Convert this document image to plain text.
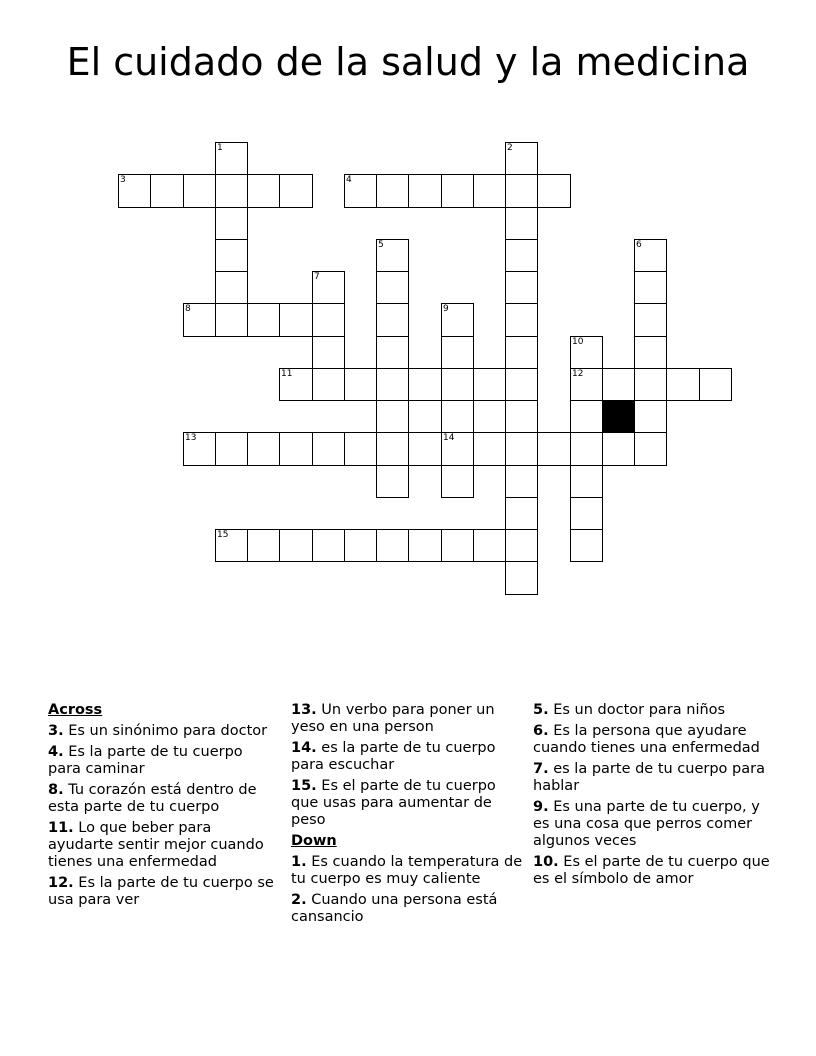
El cuidado de la salud y la medicina
3	4
8
11	12
13	14
15
1	2
5	6
7
9
10
Across
3. Es un sinónimo para doctor
4. Es la parte de tu cuerpo para caminar
8. Tu corazón está dentro de esta parte de tu cuerpo
11. Lo que beber para ayudarte sentir mejor cuando tienes una enfermedad
12. Es la parte de tu cuerpo se usa para ver
13. Un verbo para poner un yeso en una person
14. es la parte de tu cuerpo para escuchar
15. Es el parte de tu cuerpo que usas para aumentar de peso
Down
1. Es cuando la temperatura de tu cuerpo es muy caliente
2. Cuando una persona está cansancio
5. Es un doctor para niños
6. Es la persona que ayudare cuando tienes una enfermedad
7. es la parte de tu cuerpo para hablar
9. Es una parte de tu cuerpo, y es una cosa que perros comer algunos veces
10. Es el parte de tu cuerpo que es el símbolo de amor
